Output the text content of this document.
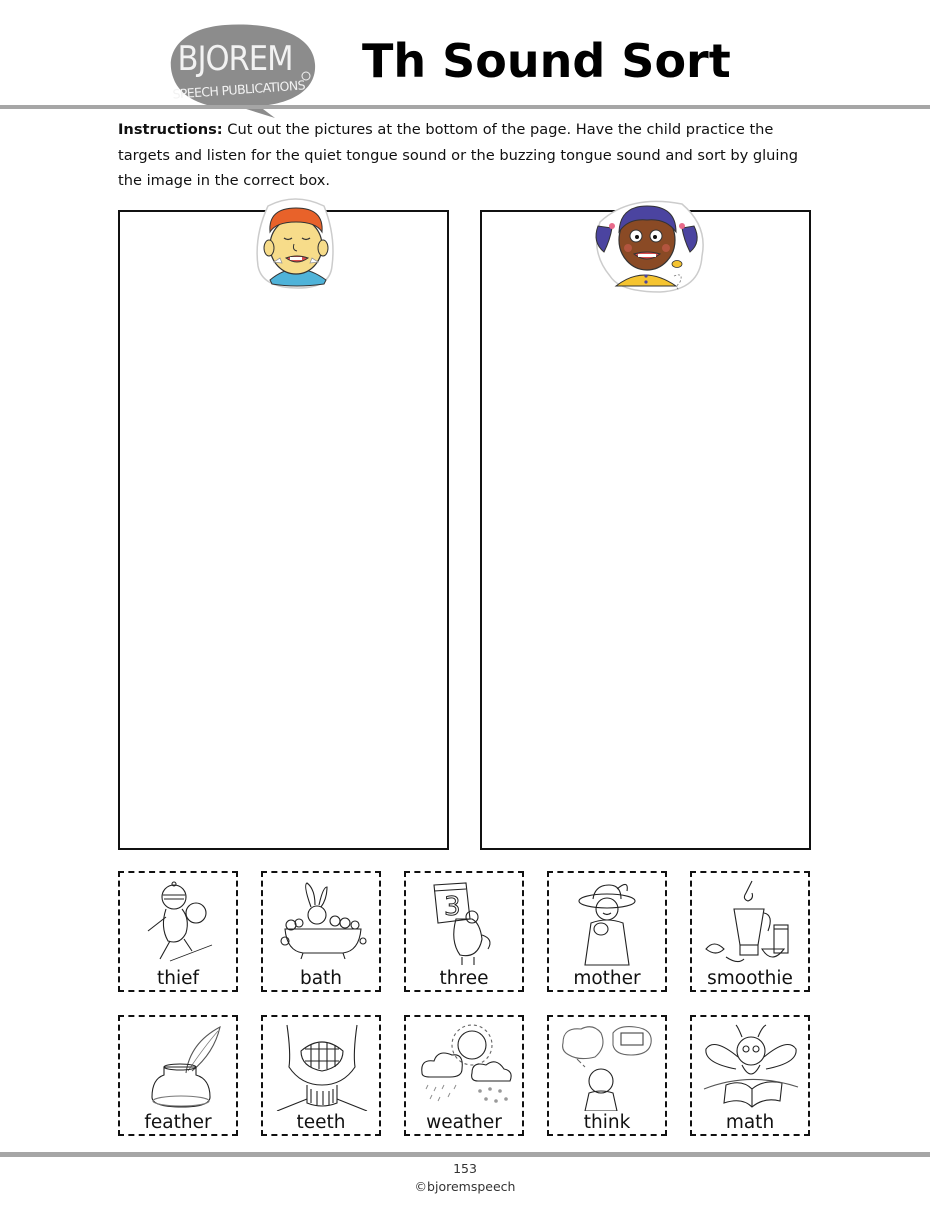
BJOREM
SPEECH PUBLICATIONS
Th Sound Sort
Instructions: Cut out the pictures at the bottom of the page. Have the child practice the targets and listen for the quiet tongue sound or the buzzing tongue sound and sort by gluing the image in the correct box.
thief	bath
3
three	mother	smoothie
feather	teeth	weather	think	math
153
©bjoremspeech
